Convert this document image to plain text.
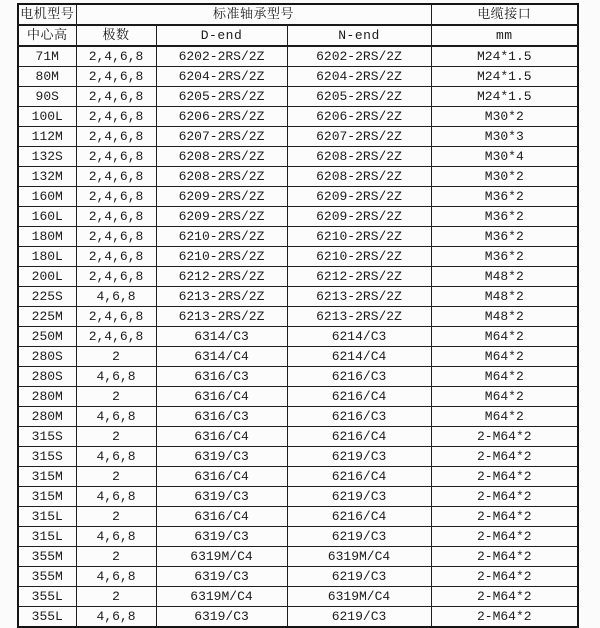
电机型号	标准轴承型号			电缆接口
中心高	极数	D-end	N-end	mm
71M	2,4,6,8	6202-2RS/2Z	6202-2RS/2Z	M24*1.5
80M	2,4,6,8	6204-2RS/2Z	6204-2RS/2Z	M24*1.5
90S	2,4,6,8	6205-2RS/2Z	6205-2RS/2Z	M24*1.5
100L	2,4,6,8	6206-2RS/2Z	6206-2RS/2Z	M30*2
112M	2,4,6,8	6207-2RS/2Z	6207-2RS/2Z	M30*3
132S	2,4,6,8	6208-2RS/2Z	6208-2RS/2Z	M30*4
132M	2,4,6,8	6208-2RS/2Z	6208-2RS/2Z	M30*2
160M	2,4,6,8	6209-2RS/2Z	6209-2RS/2Z	M36*2
160L	2,4,6,8	6209-2RS/2Z	6209-2RS/2Z	M36*2
180M	2,4,6,8	6210-2RS/2Z	6210-2RS/2Z	M36*2
180L	2,4,6,8	6210-2RS/2Z	6210-2RS/2Z	M36*2
200L	2,4,6,8	6212-2RS/2Z	6212-2RS/2Z	M48*2
225S	4,6,8	6213-2RS/2Z	6213-2RS/2Z	M48*2
225M	2,4,6,8	6213-2RS/2Z	6213-2RS/2Z	M48*2
250M	2,4,6,8	6314/C3	6214/C3	M64*2
280S	2	6314/C4	6214/C4	M64*2
280S	4,6,8	6316/C3	6216/C3	M64*2
280M	2	6316/C4	6216/C4	M64*2
280M	4,6,8	6316/C3	6216/C3	M64*2
315S	2	6316/C4	6216/C4	2-M64*2
315S	4,6,8	6319/C3	6219/C3	2-M64*2
315M	2	6316/C4	6216/C4	2-M64*2
315M	4,6,8	6319/C3	6219/C3	2-M64*2
315L	2	6316/C4	6216/C4	2-M64*2
315L	4,6,8	6319/C3	6219/C3	2-M64*2
355M	2	6319M/C4	6319M/C4	2-M64*2
355M	4,6,8	6319/C3	6219/C3	2-M64*2
355L	2	6319M/C4	6319M/C4	2-M64*2
355L	4,6,8	6319/C3	6219/C3	2-M64*2
